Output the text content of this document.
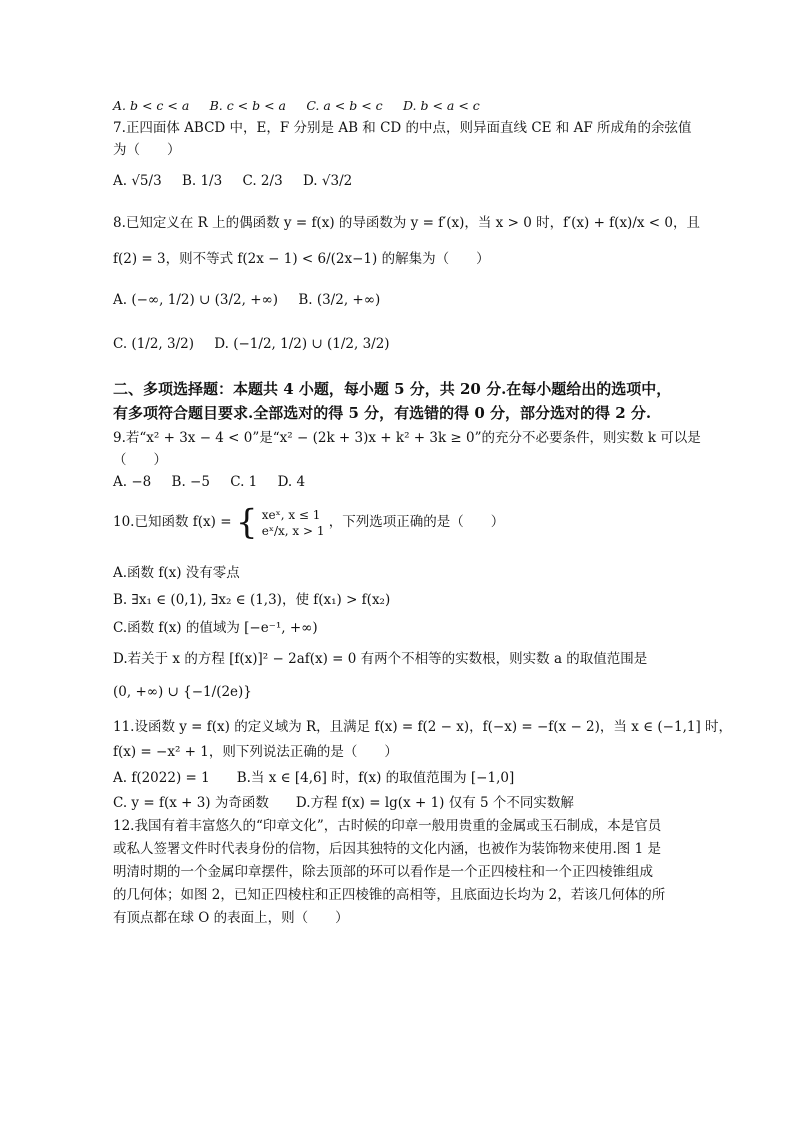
A. b < c < a B. c < b < a C. a < b < c D. b < a < c
7.正四面体 ABCD 中，E，F 分别是 AB 和 CD 的中点，则异面直线 CE 和 AF 所成角的余弦值
为（　　）
A. √5/3 B. 1/3 C. 2/3 D. √3/2
8.已知定义在 R 上的偶函数 y = f(x) 的导函数为 y = f′(x)，当 x > 0 时，f′(x) + f(x)/x < 0，且
f(2) = 3，则不等式 f(2x − 1) < 6/(2x−1) 的解集为（　　）
A. (−∞, 1/2) ∪ (3/2, +∞) B. (3/2, +∞)
C. (1/2, 3/2) D. (−1/2, 1/2) ∪ (1/2, 3/2)
二、多项选择题：本题共 4 小题，每小题 5 分，共 20 分.在每小题给出的选项中，
有多项符合题目要求.全部选对的得 5 分，有选错的得 0 分，部分选对的得 2 分.
9.若“x² + 3x − 4 < 0”是“x² − (2k + 3)x + k² + 3k ≥ 0”的充分不必要条件，则实数 k 可以是
（　　）
A. −8 B. −5 C. 1 D. 4
10.已知函数 f(x) = { xeˣ, x ≤ 1
eˣ/x, x > 1
，下列选项正确的是（　　）
A.函数 f(x) 没有零点
B. ∃x₁ ∈ (0,1), ∃x₂ ∈ (1,3)，使 f(x₁) > f(x₂)
C.函数 f(x) 的值域为 [−e⁻¹, +∞)
D.若关于 x 的方程 [f(x)]² − 2af(x) = 0 有两个不相等的实数根，则实数 a 的取值范围是
(0, +∞) ∪ {−1/(2e)}
11.设函数 y = f(x) 的定义域为 R，且满足 f(x) = f(2 − x)，f(−x) = −f(x − 2)，当 x ∈ (−1,1] 时，
f(x) = −x² + 1，则下列说法正确的是（　　）
A. f(2022) = 1　　B.当 x ∈ [4,6] 时，f(x) 的取值范围为 [−1,0]
C. y = f(x + 3) 为奇函数　　D.方程 f(x) = lg(x + 1) 仅有 5 个不同实数解
12.我国有着丰富悠久的“印章文化”，古时候的印章一般用贵重的金属或玉石制成，本是官员
或私人签署文件时代表身份的信物，后因其独特的文化内涵，也被作为装饰物来使用.图 1 是
明清时期的一个金属印章摆件，除去顶部的环可以看作是一个正四棱柱和一个正四棱锥组成
的几何体；如图 2，已知正四棱柱和正四棱锥的高相等，且底面边长均为 2，若该几何体的所
有顶点都在球 O 的表面上，则（　　）
